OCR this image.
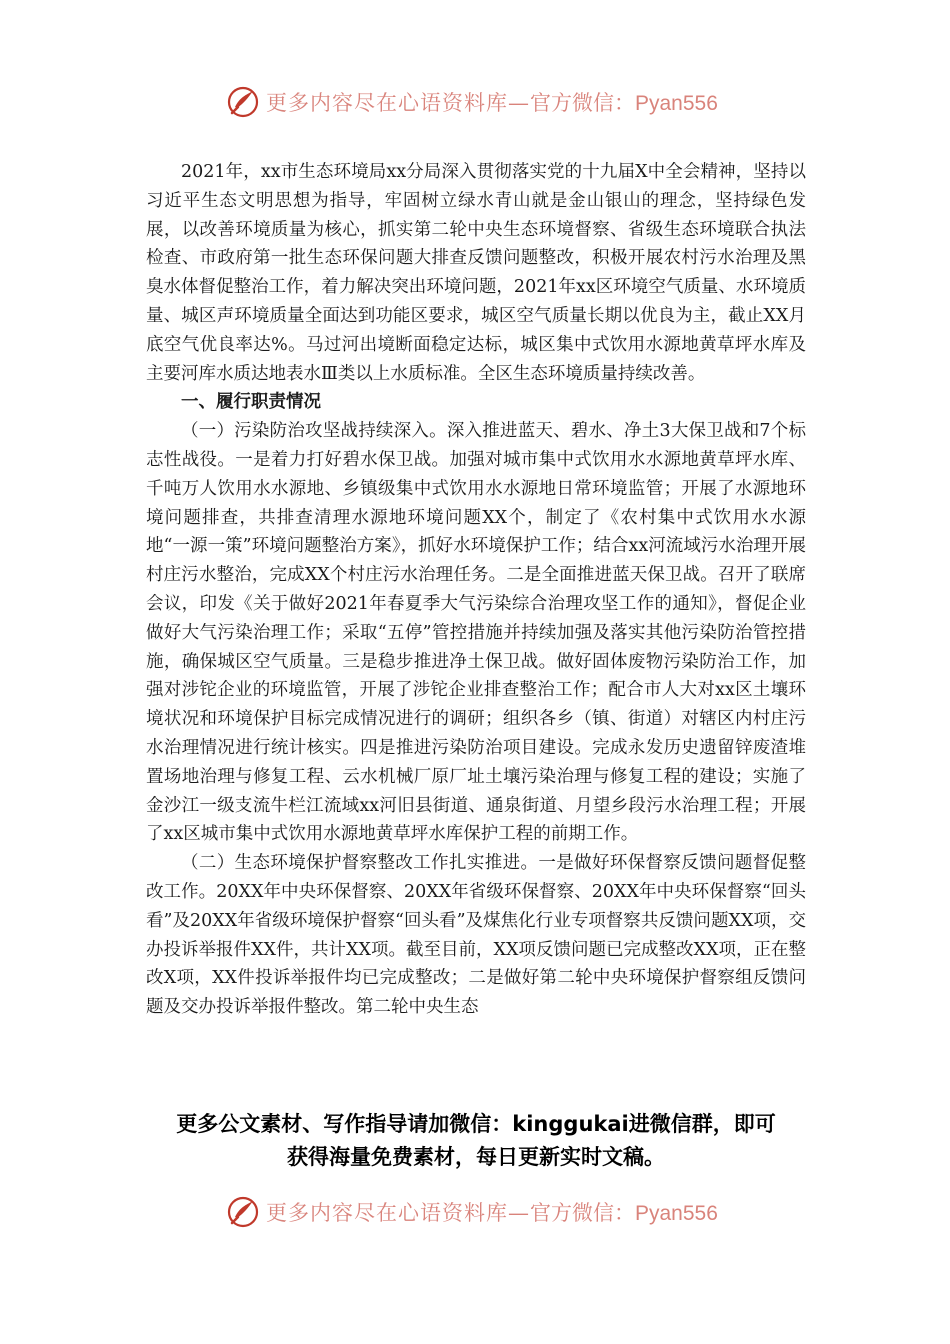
更多内容尽在心语资料库— 官方微信：Pyan556

2021年，xx市生态环境局xx分局深入贯彻落实党的十九届X中全会精神，坚持以习近平生态文明思想为指导，牢固树立绿水青山就是金山银山的理念，坚持绿色发展，以改善环境质量为核心，抓实第二轮中央生态环境督察、省级生态环境联合执法检查、市政府第一批生态环保问题大排查反馈问题整改，积极开展农村污水治理及黑臭水体督促整治工作，着力解决突出环境问题，2021年xx区环境空气质量、水环境质量、城区声环境质量全面达到功能区要求，城区空气质量长期以优良为主，截止XX月底空气优良率达%。马过河出境断面稳定达标，城区集中式饮用水源地黄草坪水库及主要河库水质达地表水Ⅲ类以上水质标准。全区生态环境质量持续改善。

一、履行职责情况

（一）污染防治攻坚战持续深入。深入推进蓝天、碧水、净土3大保卫战和7个标志性战役。一是着力打好碧水保卫战。加强对城市集中式饮用水水源地黄草坪水库、千吨万人饮用水水源地、乡镇级集中式饮用水水源地日常环境监管；开展了水源地环境问题排查，共排查清理水源地环境问题XX个，制定了《农村集中式饮用水水源地“一源一策”环境问题整治方案》，抓好水环境保护工作；结合xx河流域污水治理开展村庄污水整治，完成XX个村庄污水治理任务。二是全面推进蓝天保卫战。召开了联席会议，印发《关于做好2021年春夏季大气污染综合治理攻坚工作的通知》，督促企业做好大气污染治理工作；采取“五停”管控措施并持续加强及落实其他污染防治管控措施，确保城区空气质量。三是稳步推进净土保卫战。做好固体废物污染防治工作，加强对涉铊企业的环境监管，开展了涉铊企业排查整治工作；配合市人大对xx区土壤环境状况和环境保护目标完成情况进行的调研；组织各乡（镇、街道）对辖区内村庄污水治理情况进行统计核实。四是推进污染防治项目建设。完成永发历史遗留锌废渣堆置场地治理与修复工程、云水机械厂原厂址土壤污染治理与修复工程的建设；实施了金沙江一级支流牛栏江流域xx河旧县街道、通泉街道、月望乡段污水治理工程；开展了xx区城市集中式饮用水源地黄草坪水库保护工程的前期工作。

（二）生态环境保护督察整改工作扎实推进。一是做好环保督察反馈问题督促整改工作。20XX年中央环保督察、20XX年省级环保督察、20XX年中央环保督察“回头看”及20XX年省级环境保护督察“回头看”及煤焦化行业专项督察共反馈问题XX项，交办投诉举报件XX件，共计XX项。截至目前，XX项反馈问题已完成整改XX项，正在整改X项，XX件投诉举报件均已完成整改；二是做好第二轮中央环境保护督察组反馈问题及交办投诉举报件整改。第二轮中央生态

更多公文素材、写作指导请加微信：kinggukai进微信群，即可
获得海量免费素材，每日更新实时文稿。
更多内容尽在心语资料库— 官方微信：Pyan556
